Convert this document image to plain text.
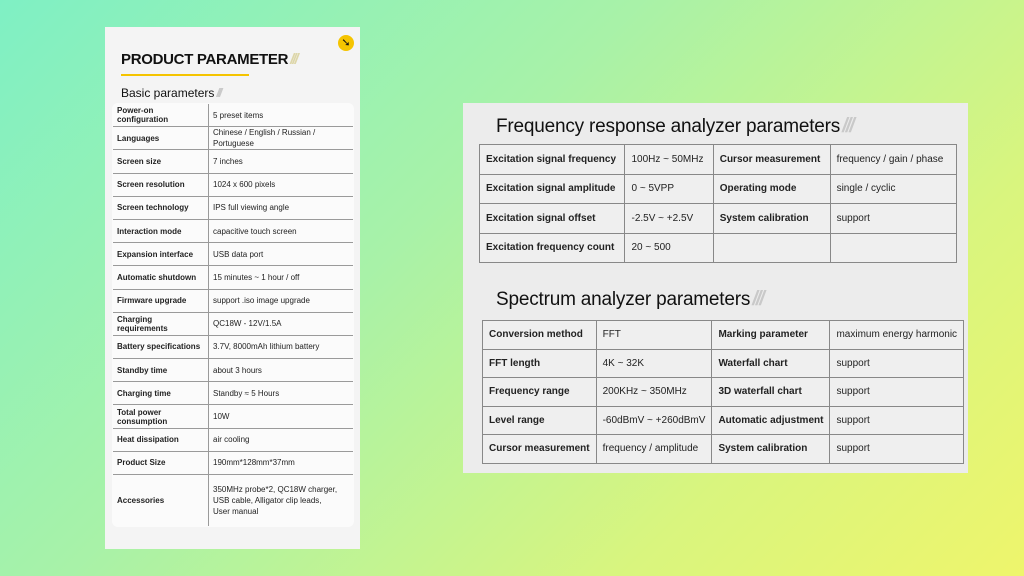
➘
PRODUCT PARAMETER ///
Basic parameters ///
Power-on configuration	5 preset items
Languages	Chinese / English / Russian / Portuguese
Screen size	7 inches
Screen resolution	1024 x 600 pixels
Screen technology	IPS full viewing angle
Interaction mode	capacitive touch screen
Expansion interface	USB data port
Automatic shutdown	15 minutes ~ 1 hour / off
Firmware upgrade	support .iso image upgrade
Charging requirements	QC18W - 12V/1.5A
Battery specifications	3.7V, 8000mAh lithium battery
Standby time	about 3 hours
Charging time	Standby ≈ 5 Hours
Total power consumption	10W
Heat dissipation	air cooling
Product Size	190mm*128mm*37mm
Accessories	350MHz probe*2, QC18W charger,
USB cable, Alligator clip leads,
User manual
Frequency response analyzer parameters ///
Excitation signal frequency	100Hz ~ 50MHz	Cursor measurement	frequency / gain / phase
Excitation signal amplitude	0 ~ 5VPP	Operating mode	single / cyclic
Excitation signal offset	-2.5V ~ +2.5V	System calibration	support
Excitation frequency count	20 ~ 500		
Spectrum analyzer parameters ///
Conversion method	FFT	Marking parameter	maximum energy harmonic
FFT length	4K ~ 32K	Waterfall chart	support
Frequency range	200KHz ~ 350MHz	3D waterfall chart	support
Level range	-60dBmV ~ +260dBmV	Automatic adjustment	support
Cursor measurement	frequency / amplitude	System calibration	support
